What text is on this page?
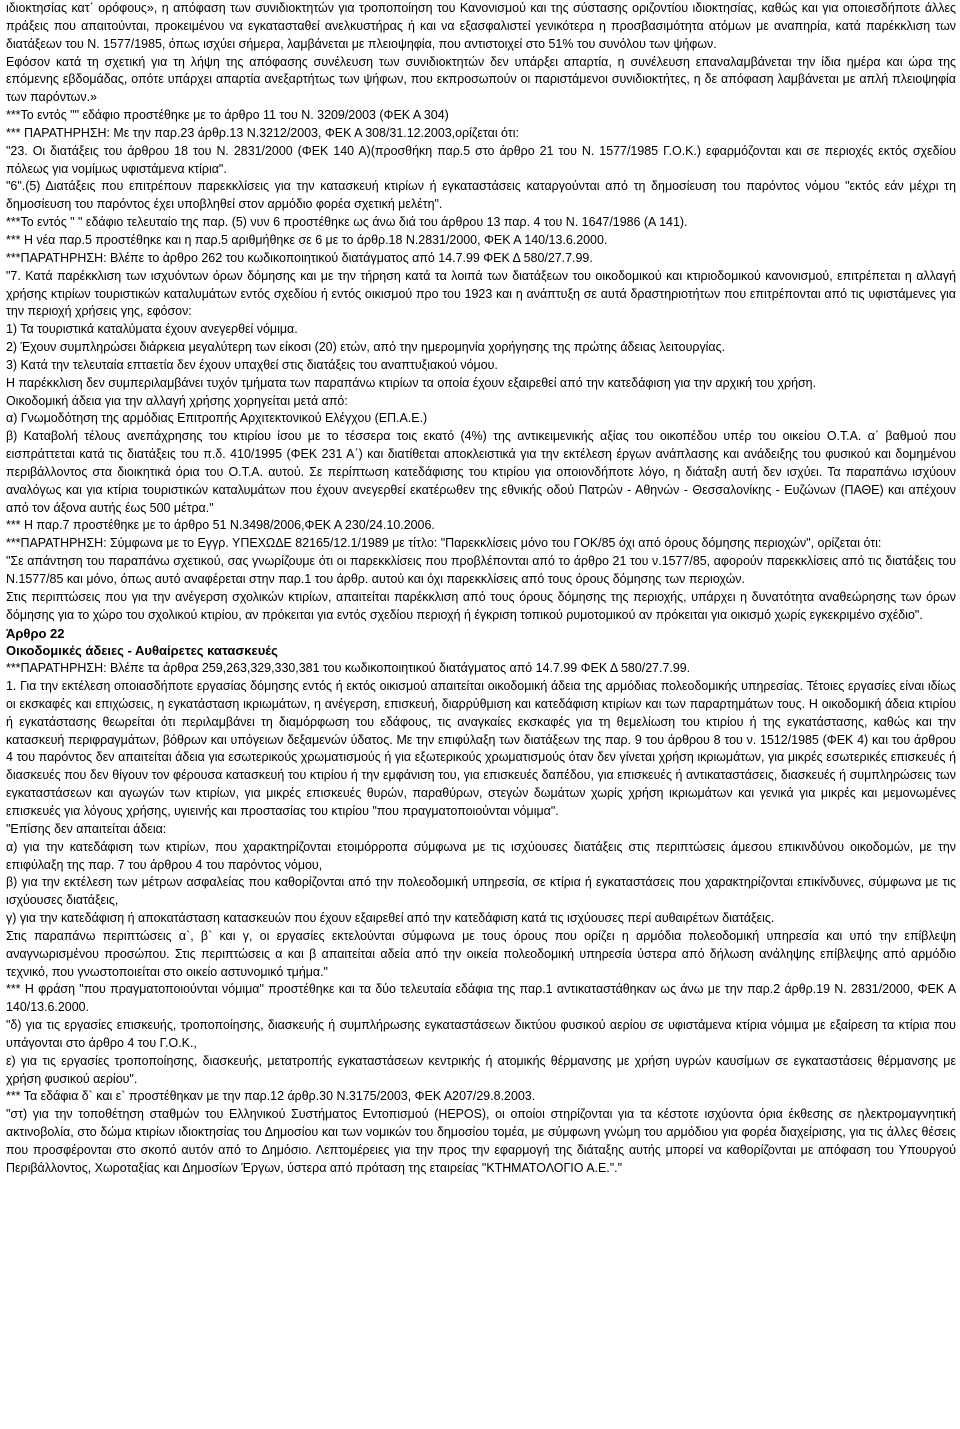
ιδιοκτησίας κατ΄ ορόφους», η απόφαση των συνιδιοκτητών για τροποποίηση του Κανονισμού και της σύστασης οριζοντίου ιδιοκτησίας, καθώς και για οποιεσδήποτε άλλες πράξεις που απαιτούνται, προκειμένου να εγκατασταθεί ανελκυστήρας ή και να εξασφαλιστεί γενικότερα η προσβασιμότητα ατόμων με αναπηρία, κατά παρέκκλιση των διατάξεων του Ν. 1577/1985, όπως ισχύει σήμερα, λαμβάνεται με πλειοψηφία, που αντιστοιχεί στο 51% του συνόλου των ψήφων.

Εφόσον κατά τη σχετική για τη λήψη της απόφασης συνέλευση των συνιδιοκτητών δεν υπάρξει απαρτία, η συνέλευση επαναλαμβάνεται την ίδια ημέρα και ώρα της επόμενης εβδομάδας, οπότε υπάρχει απαρτία ανεξαρτήτως των ψήφων, που εκπροσωπούν οι παριστάμενοι συνιδιοκτήτες, η δε απόφαση λαμβάνεται με απλή πλειοψηφία των παρόντων.»

***Το εντός "" εδάφιο προστέθηκε με το άρθρο 11 του Ν. 3209/2003 (ΦΕΚ Α 304)

*** ΠΑΡΑΤΗΡΗΣΗ: Με την παρ.23 άρθρ.13 Ν.3212/2003, ΦΕΚ Α 308/31.12.2003,ορίζεται ότι:

"23. Οι διατάξεις του άρθρου 18 του Ν. 2831/2000 (ΦΕΚ 140 Α)(προσθήκη παρ.5 στο άρθρο 21 του Ν. 1577/1985 Γ.Ο.Κ.) εφαρμόζονται και σε περιοχές εκτός σχεδίου πόλεως για νομίμως υφιστάμενα κτίρια".

"6".(5) Διατάξεις που επιτρέπουν παρεκκλίσεις για την κατασκευή κτιρίων ή εγκαταστάσεις καταργούνται από τη δημοσίευση του παρόντος νόμου "εκτός εάν μέχρι τη δημοσίευση του παρόντος έχει υποβληθεί στον αρμόδιο φορέα σχετική μελέτη".

***Το εντός " " εδάφιο τελευταίο της παρ. (5) νυν 6 προστέθηκε ως άνω διά του άρθρου 13 παρ. 4 του Ν. 1647/1986 (Α 141).

*** Η νέα παρ.5 προστέθηκε και η παρ.5 αριθμήθηκε σε 6 με το άρθρ.18 Ν.2831/2000, ΦΕΚ Α 140/13.6.2000.

***ΠΑΡΑΤΗΡΗΣΗ: Βλέπε το άρθρο 262 του κωδικοποιητικού διατάγματος από 14.7.99 ΦΕΚ Δ 580/27.7.99.

"7. Κατά παρέκκλιση των ισχυόντων όρων δόμησης και με την τήρηση κατά τα λοιπά των διατάξεων του οικοδομικού και κτιριοδομικού κανονισμού, επιτρέπεται η αλλαγή χρήσης κτιρίων τουριστικών καταλυμάτων εντός σχεδίου ή εντός οικισμού προ του 1923 και η ανάπτυξη σε αυτά δραστηριοτήτων που επιτρέπονται από τις υφιστάμενες για την περιοχή χρήσεις γης, εφόσον:

1) Τα τουριστικά καταλύματα έχουν ανεγερθεί νόμιμα.

2) Έχουν συμπληρώσει διάρκεια μεγαλύτερη των είκοσι (20) ετών, από την ημερομηνία χορήγησης της πρώτης άδειας λειτουργίας.

3) Κατά την τελευταία επταετία δεν έχουν υπαχθεί στις διατάξεις του αναπτυξιακού νόμου.

Η παρέκκλιση δεν συμπεριλαμβάνει τυχόν τμήματα των παραπάνω κτιρίων τα οποία έχουν εξαιρεθεί από την κατεδάφιση για την αρχική του χρήση.

Οικοδομική άδεια για την αλλαγή χρήσης χορηγείται μετά από:

α) Γνωμοδότηση της αρμόδιας Επιτροπής Αρχιτεκτονικού Ελέγχου (ΕΠ.Α.Ε.)

β) Καταβολή τέλους ανεπάχρησης του κτιρίου ίσου με το τέσσερα τοις εκατό (4%) της αντικειμενικής αξίας του οικοπέδου υπέρ του οικείου Ο.Τ.Α. α΄ βαθμού που εισπράττεται κατά τις διατάξεις του π.δ. 410/1995 (ΦΕΚ 231 Α΄) και διατίθεται αποκλειστικά για την εκτέλεση έργων ανάπλασης και ανάδειξης του φυσικού και δομημένου περιβάλλοντος στα διοικητικά όρια του Ο.Τ.Α. αυτού. Σε περίπτωση κατεδάφισης του κτιρίου για οποιονδήποτε λόγο, η διάταξη αυτή δεν ισχύει. Τα παραπάνω ισχύουν αναλόγως και για κτίρια τουριστικών καταλυμάτων που έχουν ανεγερθεί εκατέρωθεν της εθνικής οδού Πατρών - Αθηνών - Θεσσαλονίκης - Ευζώνων (ΠΑΘΕ) και απέχουν από τον άξονα αυτής έως 500 μέτρα."

*** Η παρ.7 προστέθηκε με το άρθρο 51 Ν.3498/2006,ΦΕΚ Α 230/24.10.2006.

***ΠΑΡΑΤΗΡΗΣΗ: Σύμφωνα με το Εγγρ. ΥΠΕΧΩΔΕ 82165/12.1/1989 με τίτλο: "Παρεκκλίσεις μόνο του ΓΟΚ/85 όχι από όρους δόμησης περιοχών", ορίζεται ότι:

"Σε απάντηση του παραπάνω σχετικού, σας γνωρίζουμε ότι οι παρεκκλίσεις που προβλέπονται από το άρθρο 21 του ν.1577/85, αφορούν παρεκκλίσεις από τις διατάξεις του Ν.1577/85 και μόνο, όπως αυτό αναφέρεται στην παρ.1 του άρθρ. αυτού και όχι παρεκκλίσεις από τους όρους δόμησης των περιοχών.

Στις περιπτώσεις που για την ανέγερση σχολικών κτιρίων, απαιτείται παρέκκλιση από τους όρους δόμησης της περιοχής, υπάρχει η δυνατότητα αναθεώρησης των όρων δόμησης για το χώρο του σχολικού κτιρίου, αν πρόκειται για εντός σχεδίου περιοχή ή έγκριση τοπικού ρυμοτομικού αν πρόκειται για οικισμό χωρίς εγκεκριμένο σχέδιο".

Άρθρο 22

Οικοδομικές άδειες - Αυθαίρετες κατασκευές

***ΠΑΡΑΤΗΡΗΣΗ: Βλέπε τα άρθρα 259,263,329,330,381 του κωδικοποιητικού διατάγματος από 14.7.99 ΦΕΚ Δ 580/27.7.99.

1. Για την εκτέλεση οποιασδήποτε εργασίας δόμησης εντός ή εκτός οικισμού απαιτείται οικοδομική άδεια της αρμόδιας πολεοδομικής υπηρεσίας. Τέτοιες εργασίες είναι ιδίως οι εκσκαφές και επιχώσεις, η εγκατάσταση ικριωμάτων, η ανέγερση, επισκευή, διαρρύθμιση και κατεδάφιση κτιρίων και των παραρτημάτων τους. Η οικοδομική άδεια κτιρίου ή εγκατάστασης θεωρείται ότι περιλαμβάνει τη διαμόρφωση του εδάφους, τις αναγκαίες εκσκαφές για τη θεμελίωση του κτιρίου ή της εγκατάστασης, καθώς και την κατασκευή περιφραγμάτων, βόθρων και υπόγειων δεξαμενών ύδατος. Με την επιφύλαξη των διατάξεων της παρ. 9 του άρθρου 8 του ν. 1512/1985 (ΦΕΚ 4) και του άρθρου 4 του παρόντος δεν απαιτείται άδεια για εσωτερικούς χρωματισμούς ή για εξωτερικούς χρωματισμούς όταν δεν γίνεται χρήση ικριωμάτων, για μικρές εσωτερικές επισκευές ή διασκευές που δεν θίγουν τον φέρουσα κατασκευή του κτιρίου ή την εμφάνιση του, για επισκευές δαπέδου, για επισκευές ή αντικαταστάσεις, διασκευές ή συμπληρώσεις των εγκαταστάσεων και αγωγών των κτιρίων, για μικρές επισκευές θυρών, παραθύρων, στεγών δωμάτων χωρίς χρήση ικριωμάτων και γενικά για μικρές και μεμονωμένες επισκευές για λόγους χρήσης, υγιεινής και προστασίας του κτιρίου "που πραγματοποιούνται νόμιμα".

"Επίσης δεν απαιτείται άδεια:

α) για την κατεδάφιση των κτιρίων, που χαρακτηρίζονται ετοιμόρροπα σύμφωνα με τις ισχύουσες διατάξεις στις περιπτώσεις άμεσου επικινδύνου οικοδομών, με την επιφύλαξη της παρ. 7 του άρθρου 4 του παρόντος νόμου,

β) για την εκτέλεση των μέτρων ασφαλείας που καθορίζονται από την πολεοδομική υπηρεσία, σε κτίρια ή εγκαταστάσεις που χαρακτηρίζονται επικίνδυνες, σύμφωνα με τις ισχύουσες διατάξεις,

γ) για την κατεδάφιση ή αποκατάσταση κατασκευών που έχουν εξαιρεθεί από την κατεδάφιση κατά τις ισχύουσες περί αυθαιρέτων διατάξεις.

Στις παραπάνω περιπτώσεις α`, β` και γ, οι εργασίες εκτελούνται σύμφωνα με τους όρους που ορίζει η αρμόδια πολεοδομική υπηρεσία και υπό την επίβλεψη αναγνωρισμένου προσώπου. Στις περιπτώσεις α και β απαιτείται αδεία από την οικεία πολεοδομική υπηρεσία ύστερα από δήλωση ανάληψης επίβλεψης από αρμόδιο τεχνικό, που γνωστοποιείται στο οικείο αστυνομικό τμήμα."

*** Η φράση "που πραγματοποιούνται νόμιμα" προστέθηκε και τα δύο τελευταία εδάφια της παρ.1 αντικαταστάθηκαν ως άνω με την παρ.2 άρθρ.19 Ν. 2831/2000, ΦΕΚ Α 140/13.6.2000.

"δ) για τις εργασίες επισκευής, τροποποίησης, διασκευής ή συμπλήρωσης εγκαταστάσεων δικτύου φυσικού αερίου σε υφιστάμενα κτίρια νόμιμα με εξαίρεση τα κτίρια που υπάγονται στο άρθρο 4 του Γ.Ο.Κ.,

ε) για τις εργασίες τροποποίησης, διασκευής, μετατροπής εγκαταστάσεων κεντρικής ή ατομικής θέρμανσης με χρήση υγρών καυσίμων σε εγκαταστάσεις θέρμανσης με χρήση φυσικού αερίου".

*** Τα εδάφια δ` και ε` προστέθηκαν με την παρ.12 άρθρ.30 Ν.3175/2003, ΦΕΚ Α207/29.8.2003.

"στ) για την τοποθέτηση σταθμών του Ελληνικού Συστήματος Εντοπισμού (HEPOS), οι οποίοι στηρίζονται για τα κέστοτε ισχύοντα όρια έκθεσης σε ηλεκτρομαγνητική ακτινοβολία, στο δώμα κτιρίων ιδιοκτησίας του Δημοσίου και των νομικών του δημοσίου τομέα, με σύμφωνη γνώμη του αρμόδιου για φορέα διαχείρισης, για τις άλλες θέσεις που προσφέρονται στο σκοπό αυτόν από το Δημόσιο. Λεπτομέρειες για την προς την εφαρμογή της διάταξης αυτής μπορεί να καθορίζονται με απόφαση του Υπουργού Περιβάλλοντος, Χωροταξίας και Δημοσίων Έργων, ύστερα από πρόταση της εταιρείας "ΚΤΗΜΑΤΟΛΟΓΙΟ Α.Ε."."
